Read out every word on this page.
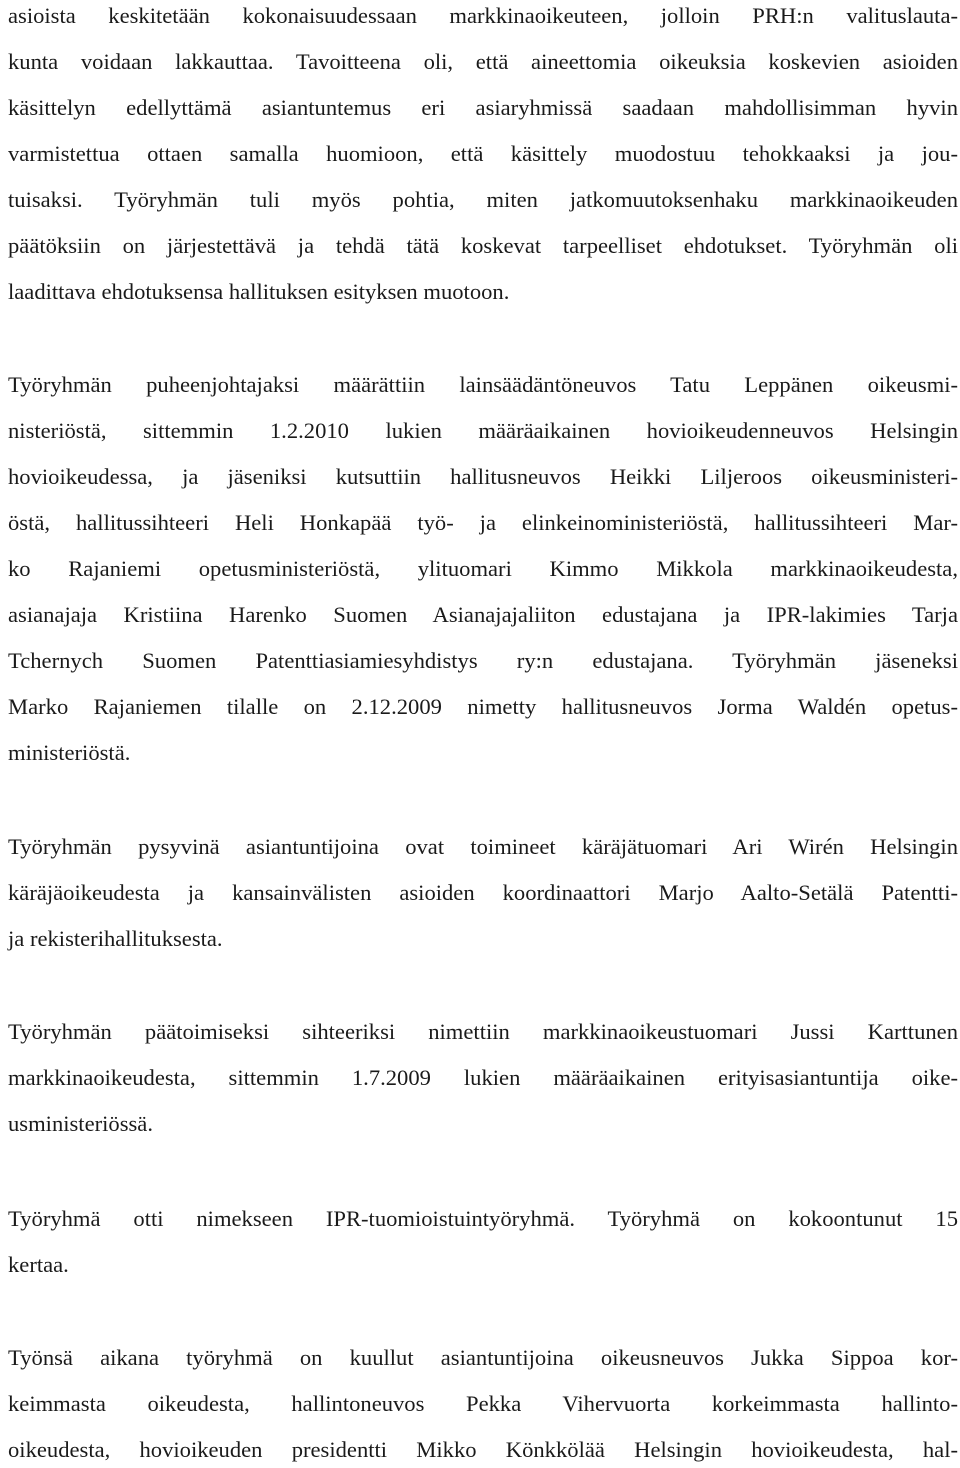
asioista keskitetään kokonaisuudessaan markkinaoikeuteen, jolloin PRH:n valituslauta-
kunta voidaan lakkauttaa. Tavoitteena oli, että aineettomia oikeuksia koskevien asioiden
käsittelyn edellyttämä asiantuntemus eri asiaryhmissä saadaan mahdollisimman hyvin
varmistettua ottaen samalla huomioon, että käsittely muodostuu tehokkaaksi ja jou-
tuisaksi. Työryhmän tuli myös pohtia, miten jatkomuutoksenhaku markkinaoikeuden
päätöksiin on järjestettävä ja tehdä tätä koskevat tarpeelliset ehdotukset. Työryhmän oli
laadittava ehdotuksensa hallituksen esityksen muotoon.
Työryhmän puheenjohtajaksi määrättiin lainsäädäntöneuvos Tatu Leppänen oikeusmi-
nisteriöstä, sittemmin 1.2.2010 lukien määräaikainen hovioikeudenneuvos Helsingin
hovioikeudessa, ja jäseniksi kutsuttiin hallitusneuvos Heikki Liljeroos oikeusministeri-
östä, hallitussihteeri Heli Honkapää työ- ja elinkeinoministeriöstä, hallitussihteeri Mar-
ko Rajaniemi opetusministeriöstä, ylituomari Kimmo Mikkola markkinaoikeudesta,
asianajaja Kristiina Harenko Suomen Asianajajaliiton edustajana ja IPR-lakimies Tarja
Tchernych Suomen Patenttiasiamiesyhdistys ry:n edustajana. Työryhmän jäseneksi
Marko Rajaniemen tilalle on 2.12.2009 nimetty hallitusneuvos Jorma Waldén opetus-
ministeriöstä.
Työryhmän pysyvinä asiantuntijoina ovat toimineet käräjätuomari Ari Wirén Helsingin
käräjäoikeudesta ja kansainvälisten asioiden koordinaattori Marjo Aalto-Setälä Patentti-
ja rekisterihallituksesta.
Työryhmän päätoimiseksi sihteeriksi nimettiin markkinaoikeustuomari Jussi Karttunen
markkinaoikeudesta, sittemmin 1.7.2009 lukien määräaikainen erityisasiantuntija oike-
usministeriössä.
Työryhmä otti nimekseen IPR-tuomioistuintyöryhmä. Työryhmä on kokoontunut 15
kertaa.
Työnsä aikana työryhmä on kuullut asiantuntijoina oikeusneuvos Jukka Sippoa kor-
keimmasta oikeudesta, hallintoneuvos Pekka Vihervuorta korkeimmasta hallinto-
oikeudesta, hovioikeuden presidentti Mikko Könkkölää Helsingin hovioikeudesta, hal-
